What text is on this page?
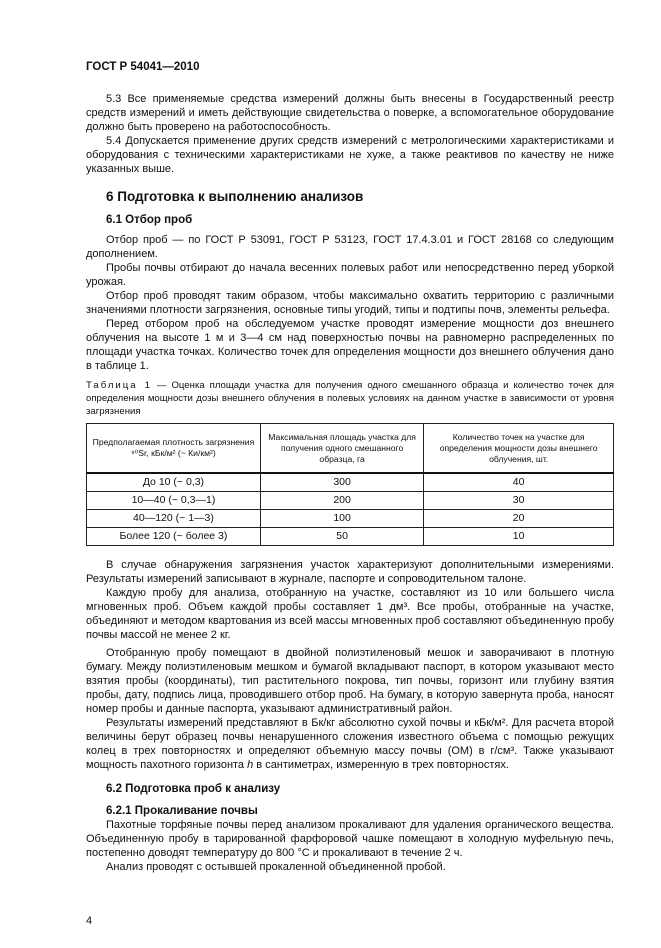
ГОСТ Р 54041—2010

5.3 Все применяемые средства измерений должны быть внесены в Государственный реестр средств измерений и иметь действующие свидетельства о поверке, а вспомогательное оборудование должно быть проверено на работоспособность.

5.4 Допускается применение других средств измерений с метрологическими характеристиками и оборудования с техническими характеристиками не хуже, а также реактивов по качеству не ниже указанных выше.

6 Подготовка к выполнению анализов
6.1 Отбор проб

Отбор проб — по ГОСТ Р 53091, ГОСТ Р 53123, ГОСТ 17.4.3.01 и ГОСТ 28168 со следующим дополнением.

Пробы почвы отбирают до начала весенних полевых работ или непосредственно перед уборкой урожая.

Отбор проб проводят таким образом, чтобы максимально охватить территорию с различными значениями плотности загрязнения, основные типы угодий, типы и подтипы почв, элементы рельефа.

Перед отбором проб на обследуемом участке проводят измерение мощности доз внешнего облучения на высоте 1 м и 3—4 см над поверхностью почвы на равномерно распределенных по площади участка точках. Количество точек для определения мощности доз внешнего облучения дано в таблице 1.

Таблица 1 — Оценка площади участка для получения одного смешанного образца и количество точек для определения мощности дозы внешнего облучения в полевых условиях на данном участке в зависимости от уровня загрязнения
Предполагаемая плотность загрязнения ⁹⁰Sr, кБк/м² (~ Ки/км²)	Максимальная площадь участка для получения одного смешанного образца, га	Количество точек на участке для определения мощности дозы внешнего облучения, шт.
До 10 (~ 0,3)	300	40
10—40 (~ 0,3—1)	200	30
40—120 (~ 1—3)	100	20
Более 120 (~ более 3)	50	10

В случае обнаружения загрязнения участок характеризуют дополнительными измерениями. Результаты измерений записывают в журнале, паспорте и сопроводительном талоне.

Каждую пробу для анализа, отобранную на участке, составляют из 10 или большего числа мгновенных проб. Объем каждой пробы составляет 1 дм³. Все пробы, отобранные на участке, объединяют и методом квартования из всей массы мгновенных проб составляют объединенную пробу почвы массой не менее 2 кг.

Отобранную пробу помещают в двойной полиэтиленовый мешок и заворачивают в плотную бумагу. Между полиэтиленовым мешком и бумагой вкладывают паспорт, в котором указывают место взятия пробы (координаты), тип растительного покрова, тип почвы, горизонт или глубину взятия пробы, дату, подпись лица, проводившего отбор проб. На бумагу, в которую завернута проба, наносят номер пробы и данные паспорта, указывают административный район.

Результаты измерений представляют в Бк/кг абсолютно сухой почвы и кБк/м². Для расчета второй величины берут образец почвы ненарушенного сложения известного объема с помощью режущих колец в трех повторностях и определяют объемную массу почвы (ОМ) в г/см³. Также указывают мощность пахотного горизонта h в сантиметрах, измеренную в трех повторностях.

6.2 Подготовка проб к анализу
6.2.1 Прокаливание почвы

Пахотные торфяные почвы перед анализом прокаливают для удаления органического вещества. Объединенную пробу в тарированной фарфоровой чашке помещают в холодную муфельную печь, постепенно доводят температуру до 800 °С и прокаливают в течение 2 ч.

Анализ проводят с остывшей прокаленной объединенной пробой.

4
